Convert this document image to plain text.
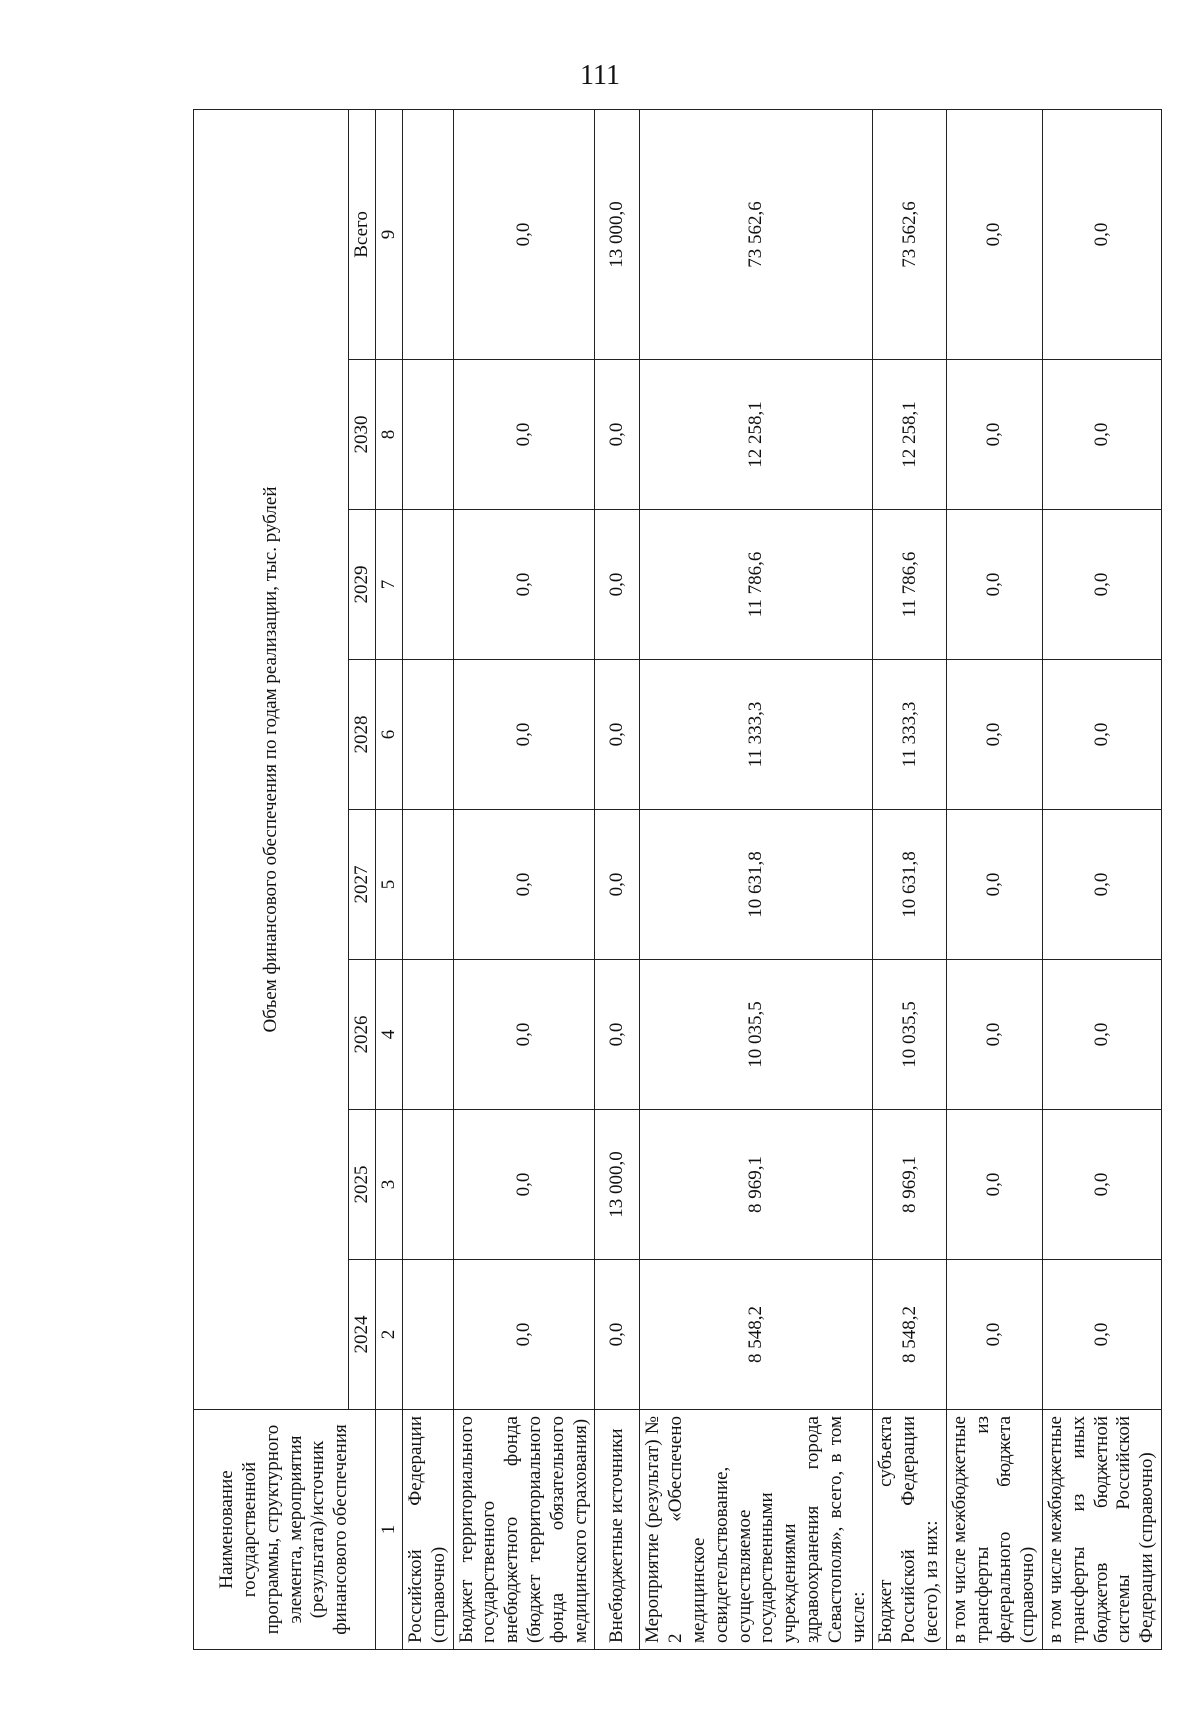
111
Наименование государственной программы, структурного элемента, мероприятия (результата)/источник финансового обеспечения	Объем финансового обеспечения по годам реализации, тыс. рублей							
	2024	2025	2026	2027	2028	2029	2030	Всего
1	2	3	4	5	6	7	8	9
Российской Федерации (справочно)								
Бюджет территориального государственного внебюджетного фонда (бюджет территориального фонда обязательного медицинского страхования)	0,0	0,0	0,0	0,0	0,0	0,0	0,0	0,0
Внебюджетные источники	0,0	13 000,0	0,0	0,0	0,0	0,0	0,0	13 000,0
Мероприятие (результат) № 2 «Обеспечено медицинское освидетельствование, осуществляемое государственными учреждениями здравоохранения города Севастополя», всего, в том числе:	8 548,2	8 969,1	10 035,5	10 631,8	11 333,3	11 786,6	12 258,1	73 562,6
Бюджет субъекта Российской Федерации (всего), из них:	8 548,2	8 969,1	10 035,5	10 631,8	11 333,3	11 786,6	12 258,1	73 562,6
в том числе межбюджетные трансферты из федерального бюджета (справочно)	0,0	0,0	0,0	0,0	0,0	0,0	0,0	0,0
в том числе межбюджетные трансферты из иных бюджетов бюджетной системы Российской Федерации (справочно)	0,0	0,0	0,0	0,0	0,0	0,0	0,0	0,0
